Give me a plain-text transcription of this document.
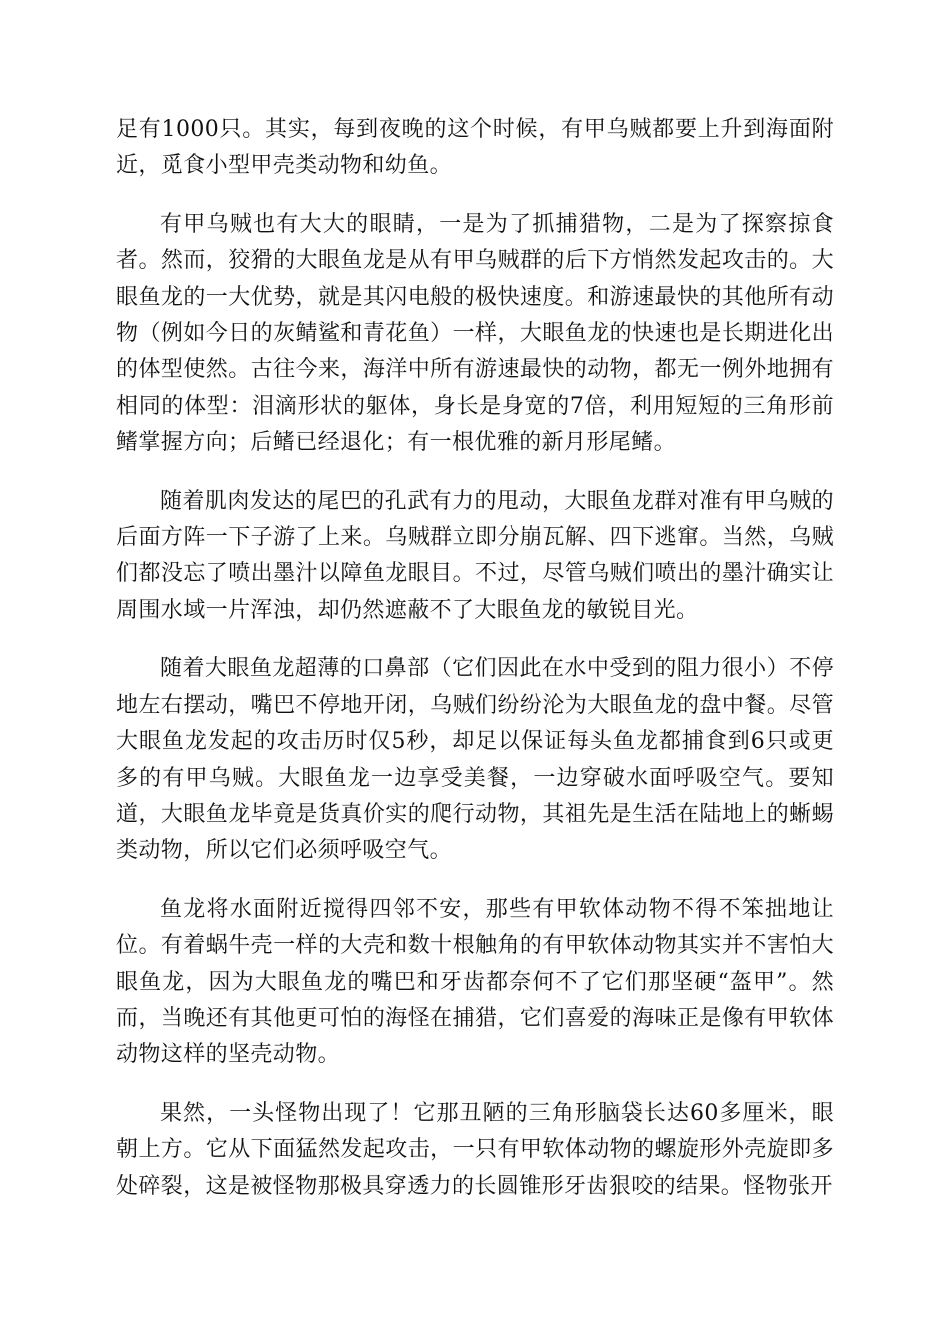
足有1000只。其实，每到夜晚的这个时候，有甲乌贼都要上升到海面附近，觅食小型甲壳类动物和幼鱼。

有甲乌贼也有大大的眼睛，一是为了抓捕猎物，二是为了探察掠食者。然而，狡猾的大眼鱼龙是从有甲乌贼群的后下方悄然发起攻击的。大眼鱼龙的一大优势，就是其闪电般的极快速度。和游速最快的其他所有动物（例如今日的灰鲭鲨和青花鱼）一样，大眼鱼龙的快速也是长期进化出的体型使然。古往今来，海洋中所有游速最快的动物，都无一例外地拥有相同的体型：泪滴形状的躯体，身长是身宽的7倍，利用短短的三角形前鳍掌握方向；后鳍已经退化；有一根优雅的新月形尾鳍。

随着肌肉发达的尾巴的孔武有力的甩动，大眼鱼龙群对准有甲乌贼的后面方阵一下子游了上来。乌贼群立即分崩瓦解、四下逃窜。当然，乌贼们都没忘了喷出墨汁以障鱼龙眼目。不过，尽管乌贼们喷出的墨汁确实让周围水域一片浑浊，却仍然遮蔽不了大眼鱼龙的敏锐目光。

随着大眼鱼龙超薄的口鼻部（它们因此在水中受到的阻力很小）不停地左右摆动，嘴巴不停地开闭，乌贼们纷纷沦为大眼鱼龙的盘中餐。尽管大眼鱼龙发起的攻击历时仅5秒，却足以保证每头鱼龙都捕食到6只或更多的有甲乌贼。大眼鱼龙一边享受美餐，一边穿破水面呼吸空气。要知道，大眼鱼龙毕竟是货真价实的爬行动物，其祖先是生活在陆地上的蜥蜴类动物，所以它们必须呼吸空气。

鱼龙将水面附近搅得四邻不安，那些有甲软体动物不得不笨拙地让位。有着蜗牛壳一样的大壳和数十根触角的有甲软体动物其实并不害怕大眼鱼龙，因为大眼鱼龙的嘴巴和牙齿都奈何不了它们那坚硬“盔甲”。然而，当晚还有其他更可怕的海怪在捕猎，它们喜爱的海味正是像有甲软体动物这样的坚壳动物。

果然，一头怪物出现了！它那丑陋的三角形脑袋长达60多厘米，眼朝上方。它从下面猛然发起攻击，一只有甲软体动物的螺旋形外壳旋即多处碎裂，这是被怪物那极具穿透力的长圆锥形牙齿狠咬的结果。怪物张开
